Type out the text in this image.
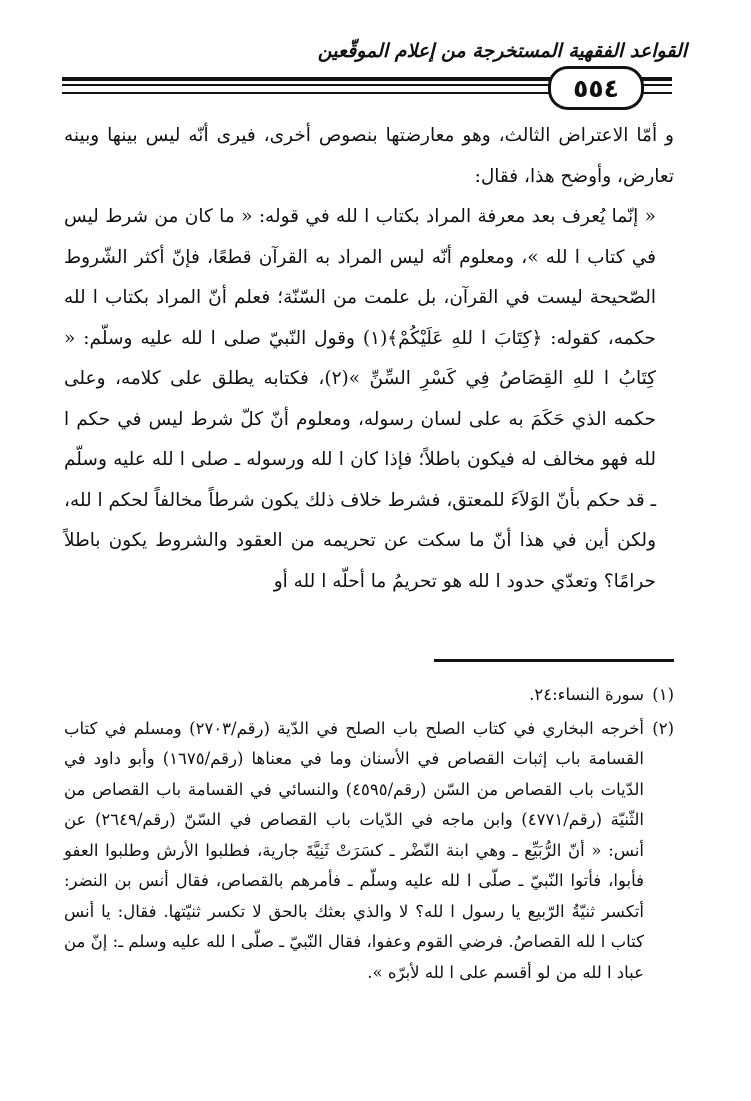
القواعد الفقهية المستخرجة من إعلام الموقّعين
٥٥٤

و أمّا الاعتراض الثالث، وهو معارضتها بنصوص أخرى، فيرى أنّه ليس بينها وبينه تعارض، وأوضح هذا، فقال:

« إنّما يُعرف بعد معرفة المراد بكتاب ا لله في قوله: « ما كان من شرط ليس في كتاب ا لله »، ومعلوم أنّه ليس المراد به القرآن قطعًا، فإنّ أكثر الشّروط الصّحيحة ليست في القرآن، بل علمت من السّنّة؛ فعلم أنّ المراد بكتاب ا لله حكمه، كقوله: ﴿كِتَابَ ا للهِ عَلَيْكُمْ﴾(١) وقول النّبيّ صلى ا لله عليه وسلّم: « كِتَابُ ا للهِ القِصَاصُ فِي كَسْرِ السِّنِّ »(٢)، فكتابه يطلق على كلامه، وعلى حكمه الذي حَكَمَ به على لسان رسوله، ومعلوم أنّ كلّ شرط ليس في حكم ا لله فهو مخالف له فيكون باطلاً؛ فإذا كان ا لله ورسوله ـ صلى ا لله عليه وسلّم ـ قد حكم بأنّ الوَلاَءَ للمعتق، فشرط خلاف ذلك يكون شرطاً مخالفاً لحكم ا لله، ولكن أين في هذا أنّ ما سكت عن تحريمه من العقود والشروط يكون باطلاً حرامًا؟ وتعدّي حدود ا لله هو تحريمُ ما أحلّه ا لله أو

(١)
سورة النساء:٢٤.
(٢)
أخرجه البخاري في كتاب الصلح باب الصلح في الدّية (رقم/٢٧٠٣) ومسلم في كتاب القسامة باب إثبات القصاص في الأسنان وما في معناها (رقم/١٦٧٥) وأبو داود في الدّيات باب القصاص من السّن (رقم/٤٥٩٥) والنسائي في القسامة باب القصاص من الثّنيّة (رقم/٤٧٧١) وابن ماجه في الدّيات باب القصاص في السّنّ (رقم/٢٦٤٩) عن أنس: « أنّ الرُّبَيِّع ـ وهي ابنة النّضْر ـ كسَرَتْ ثَنِيَّةَ جارية، فطلبوا الأرش وطلبوا العفو فأبوا، فأتوا النّبيّ ـ صلّى ا لله عليه وسلّم ـ فأمرهم بالقصاص، فقال أنس بن النضر: أتكسر ثنيّةُ الرّبيع يا رسول ا لله؟ لا والذي بعثك بالحق لا تكسر ثنيّتها. فقال: يا أنس كتاب ا لله القصاصُ. فرضي القوم وعفوا، فقال النّبيّ ـ صلّى ا لله عليه وسلم ـ: إنّ من عباد ا لله من لو أقسم على ا لله لأبرّه ».
